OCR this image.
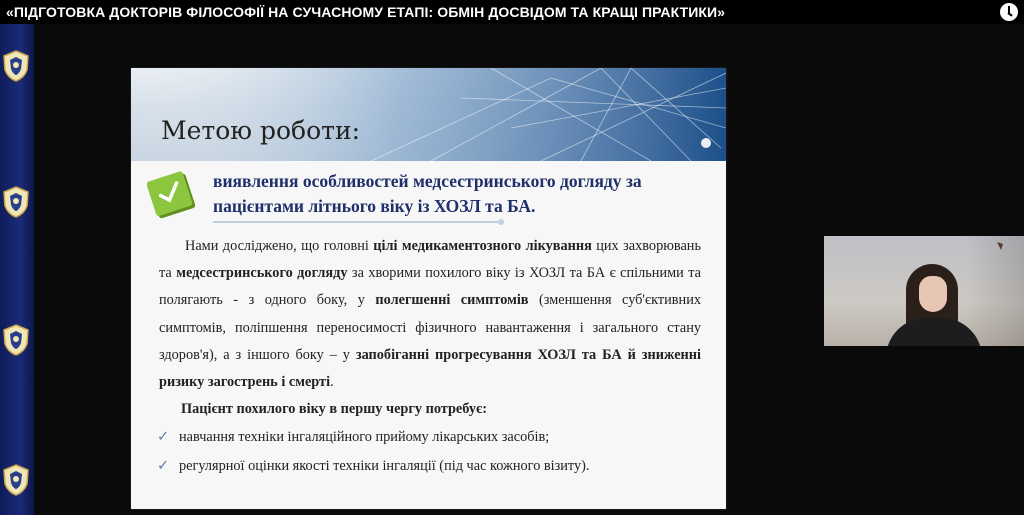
«ПІДГОТОВКА ДОКТОРІВ ФІЛОСОФІЇ НА СУЧАСНОМУ ЕТАПІ: ОБМІН ДОСВІДОМ ТА КРАЩІ ПРАКТИКИ»
Метою роботи:
виявлення особливостей медсестринського догляду за пацієнтами літнього віку із ХОЗЛ та БА.

Нами досліджено, що головні цілі медикаментозного лікування цих захворювань та медсестринського догляду за хворими похилого віку із ХОЗЛ та БА є спільними та полягають - з одного боку, у полегшенні симптомів (зменшення суб'єктивних симптомів, поліпшення переносимості фізичного навантаження і загального стану здоров'я), а з іншого боку – у запобіганні прогресування ХОЗЛ та БА й зниженні ризику загострень і смерті.

Пацієнт похилого віку в першу чергу потребує:
✓ навчання техніки інгаляційного прийому лікарських засобів;
✓ регулярної оцінки якості техніки інгаляції (під час кожного візиту).
